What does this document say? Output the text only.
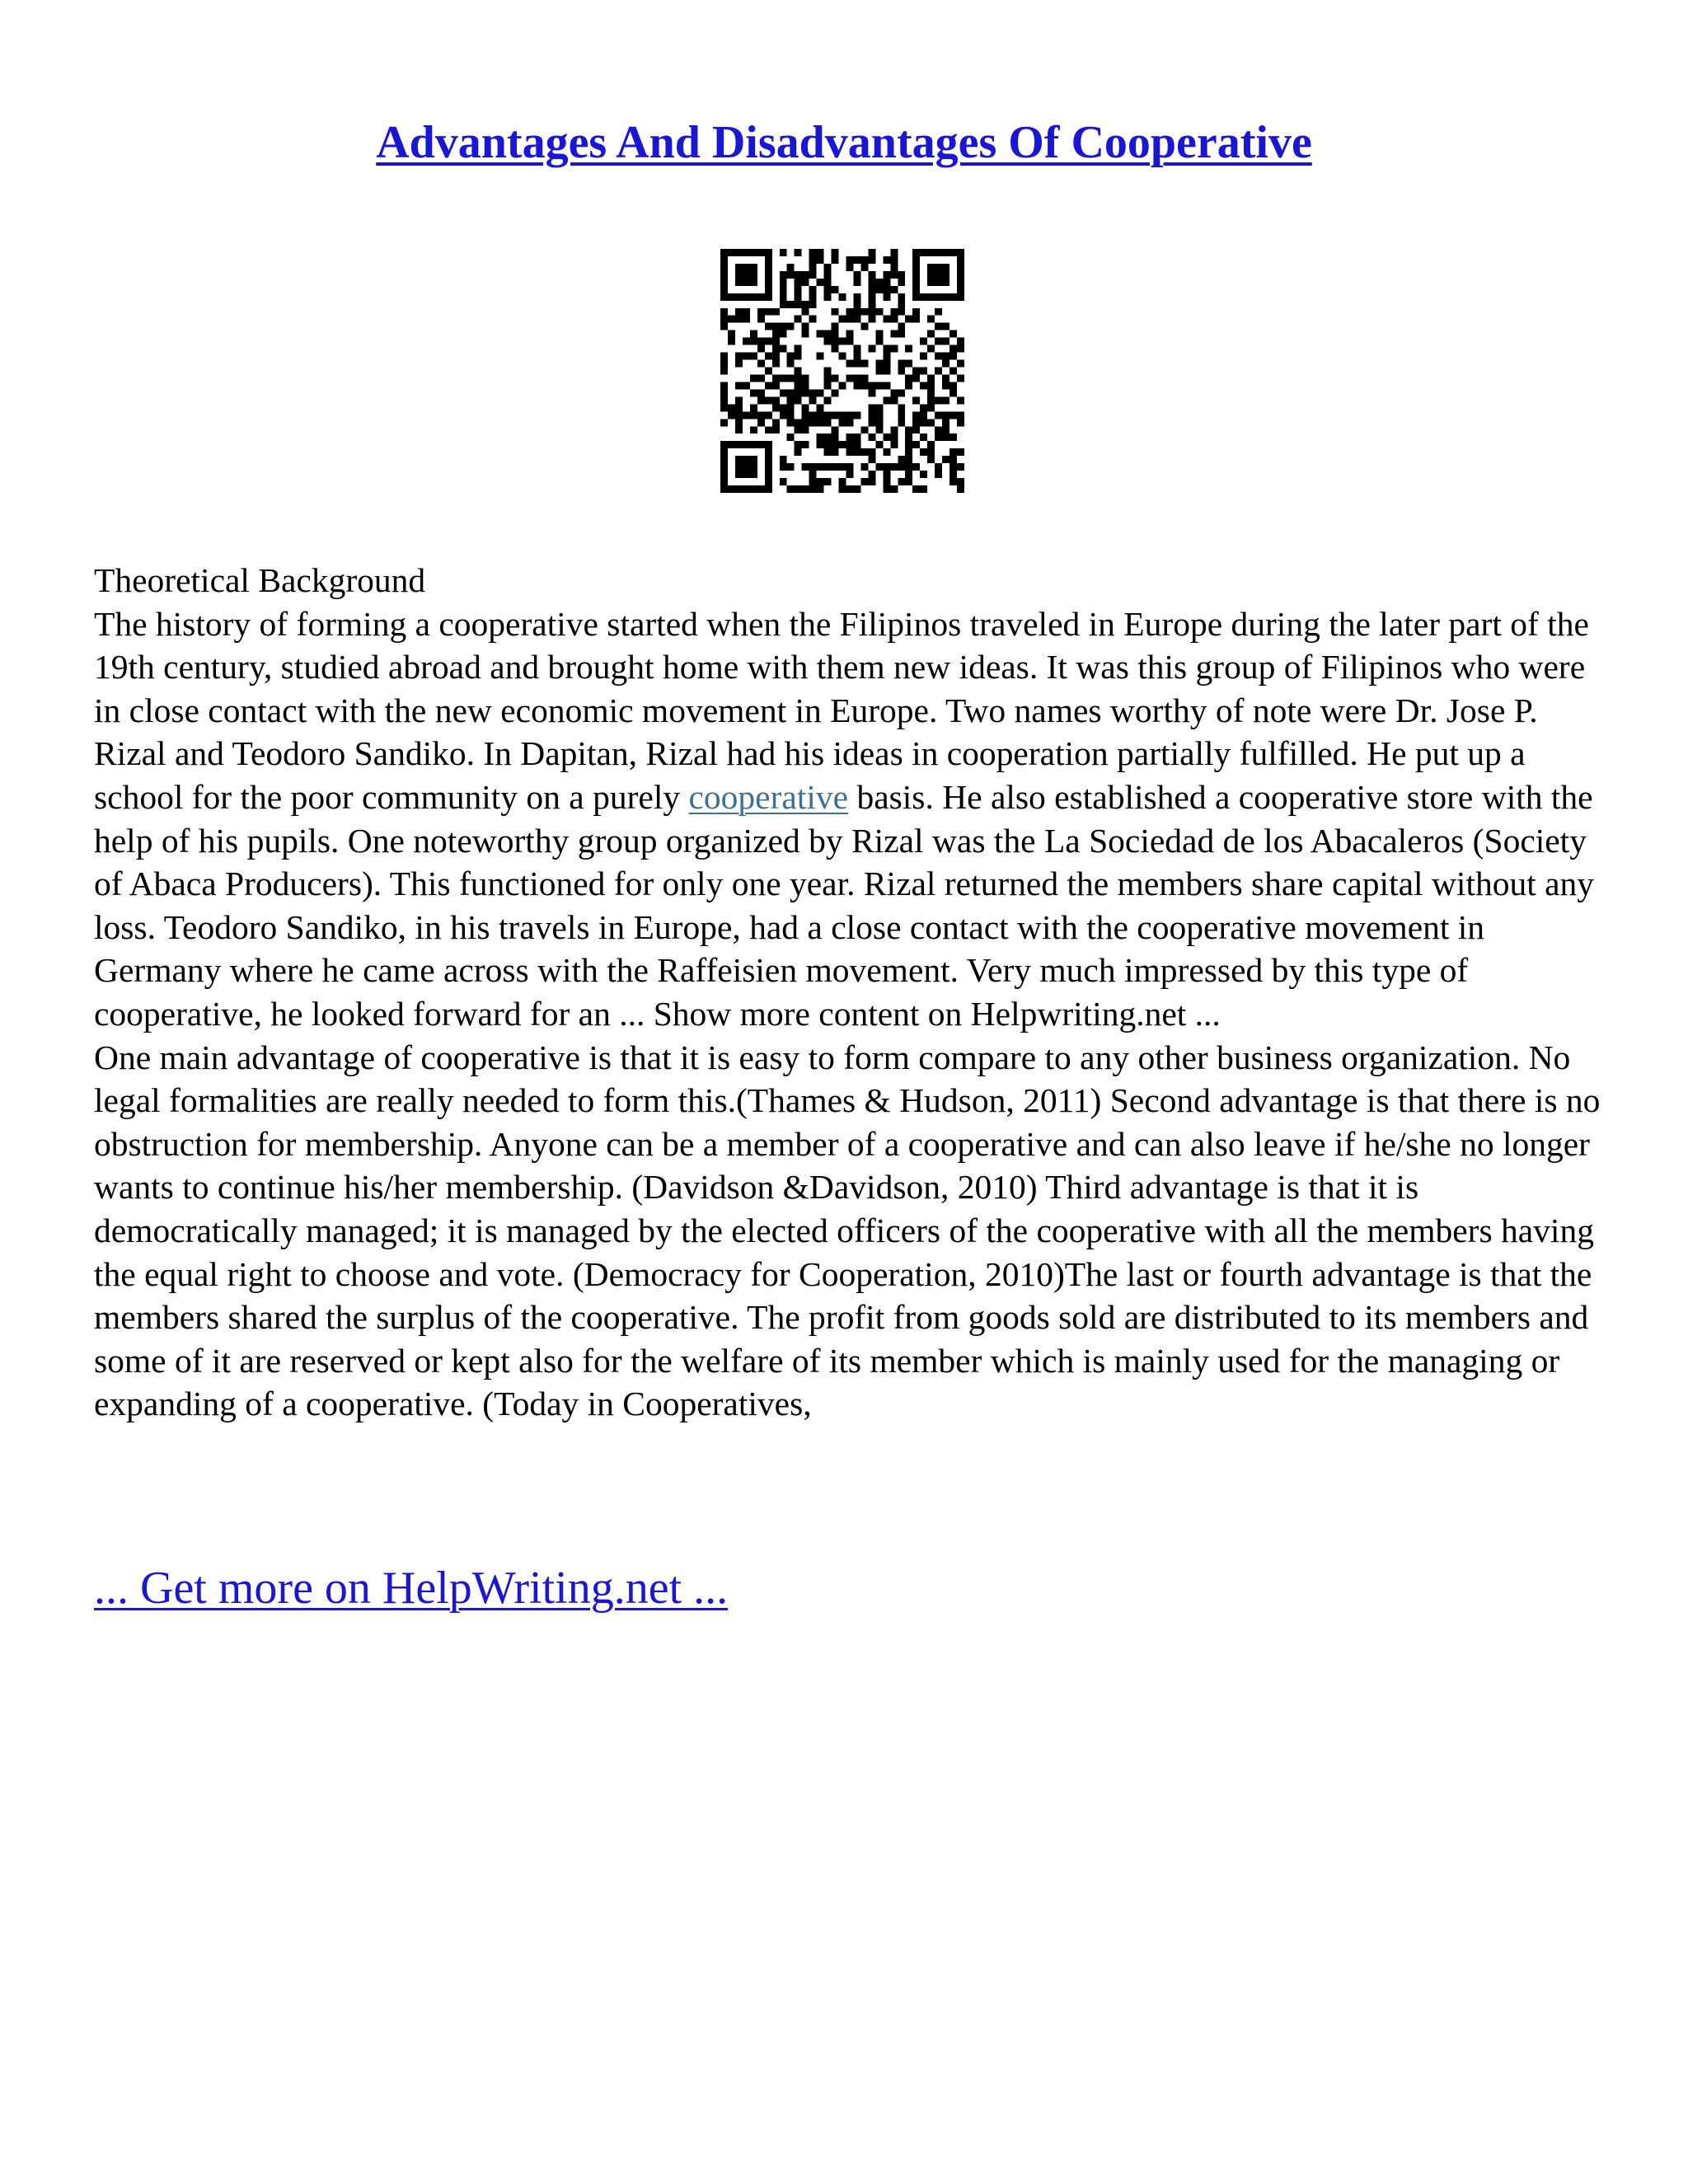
Advantages And Disadvantages Of Cooperative

Theoretical Background

The history of forming a cooperative started when the Filipinos traveled in Europe during the later part of the 19th century, studied abroad and brought home with them new ideas. It was this group of Filipinos who were in close contact with the new economic movement in Europe. Two names worthy of note were Dr. Jose P. Rizal and Teodoro Sandiko. In Dapitan, Rizal had his ideas in cooperation partially fulfilled. He put up a school for the poor community on a purely cooperative basis. He also established a cooperative store with the help of his pupils. One noteworthy group organized by Rizal was the La Sociedad de los Abacaleros (Society of Abaca Producers). This functioned for only one year. Rizal returned the members share capital without any loss. Teodoro Sandiko, in his travels in Europe, had a close contact with the cooperative movement in Germany where he came across with the Raffeisien movement. Very much impressed by this type of cooperative, he looked forward for an ... Show more content on Helpwriting.net ...

One main advantage of cooperative is that it is easy to form compare to any other business organization. No legal formalities are really needed to form this.(Thames & Hudson, 2011) Second advantage is that there is no obstruction for membership. Anyone can be a member of a cooperative and can also leave if he/she no longer wants to continue his/her membership. (Davidson &Davidson, 2010) Third advantage is that it is democratically managed; it is managed by the elected officers of the cooperative with all the members having the equal right to choose and vote. (Democracy for Cooperation, 2010)The last or fourth advantage is that the members shared the surplus of the cooperative. The profit from goods sold are distributed to its members and some of it are reserved or kept also for the welfare of its member which is mainly used for the managing or expanding of a cooperative. (Today in Cooperatives,

... Get more on HelpWriting.net ...
